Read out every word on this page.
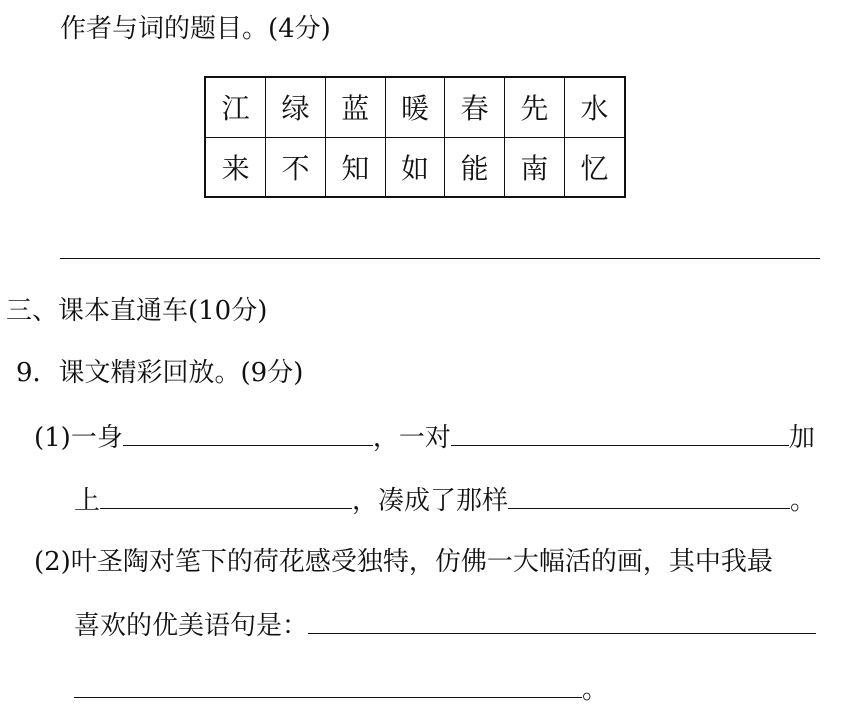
作者与词的题目。(4分)
江	绿	蓝	暖	春	先	水
来	不	知	如	能	南	忆
三、课本直通车(10分)
9．课文精彩回放。(9分)
(1)一身	，一对	加
上	，凑成了那样	。
(2)叶圣陶对笔下的荷花感受独特，仿佛一大幅活的画，其中我最
喜欢的优美语句是：
。
